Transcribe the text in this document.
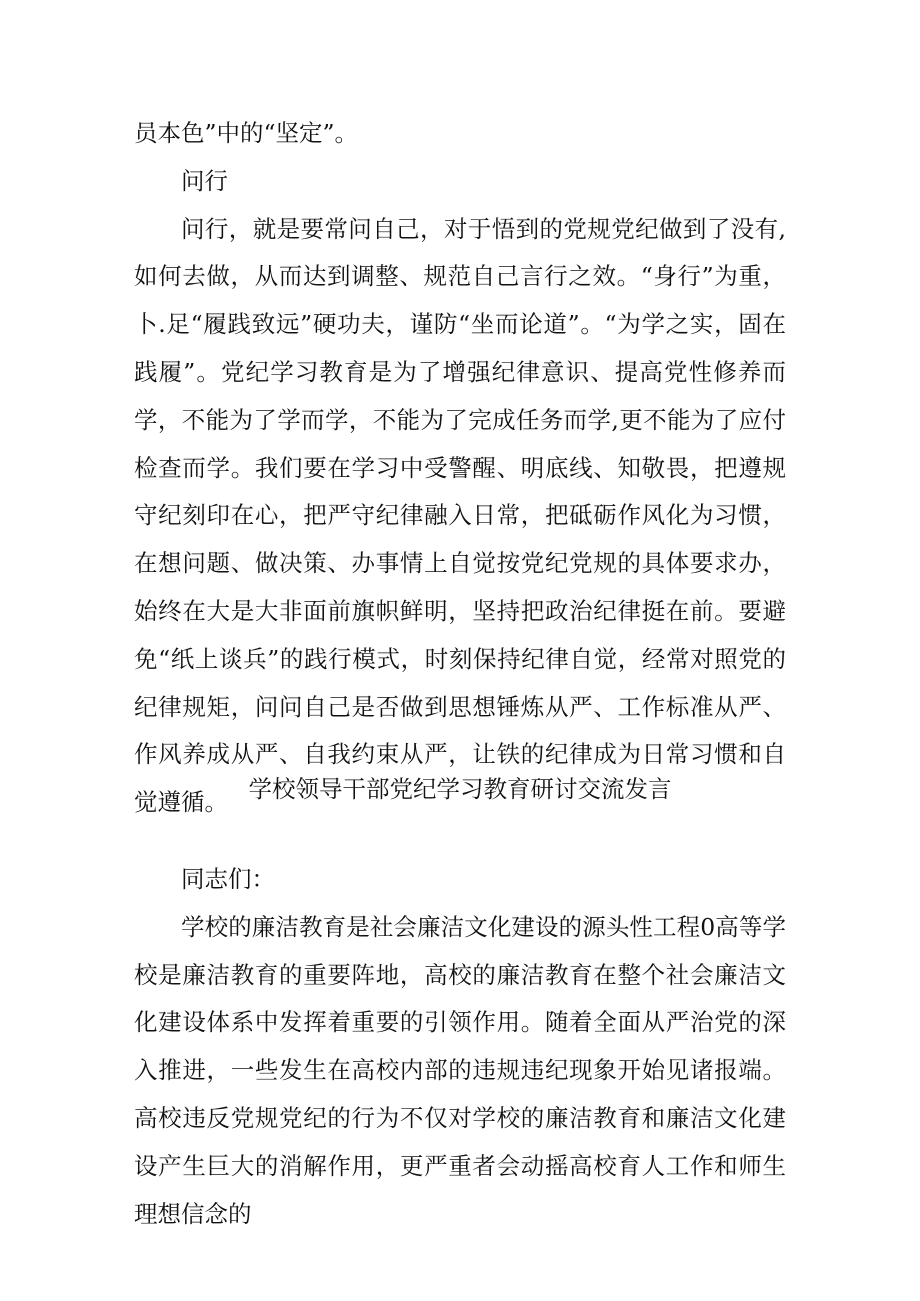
员本色”中的“坚定”。

问行

问行，就是要常问自己，对于悟到的党规党纪做到了没有,如何去做，从而达到调整、规范自己言行之效。“身行”为重，卜.足“履践致远”硬功夫，谨防“坐而论道”。“为学之实，固在践履”。党纪学习教育是为了增强纪律意识、提高党性修养而学，不能为了学而学，不能为了完成任务而学,更不能为了应付检查而学。我们要在学习中受警醒、明底线、知敬畏，把遵规守纪刻印在心，把严守纪律融入日常，把砥砺作风化为习惯，在想问题、做决策、办事情上自觉按党纪党规的具体要求办，始终在大是大非面前旗帜鲜明，坚持把政治纪律挺在前。要避免“纸上谈兵”的践行模式，时刻保持纪律自觉，经常对照党的纪律规矩，问问自己是否做到思想锤炼从严、工作标准从严、作风养成从严、自我约束从严，让铁的纪律成为日常习惯和自觉遵循。 学校领导干部党纪学习教育研讨交流发言

同志们：

学校的廉洁教育是社会廉洁文化建设的源头性工程0高等学校是廉洁教育的重要阵地，高校的廉洁教育在整个社会廉洁文化建设体系中发挥着重要的引领作用。随着全面从严治党的深入推进，一些发生在高校内部的违规违纪现象开始见诸报端。高校违反党规党纪的行为不仅对学校的廉洁教育和廉洁文化建设产生巨大的消解作用，更严重者会动摇高校育人工作和师生理想信念的
